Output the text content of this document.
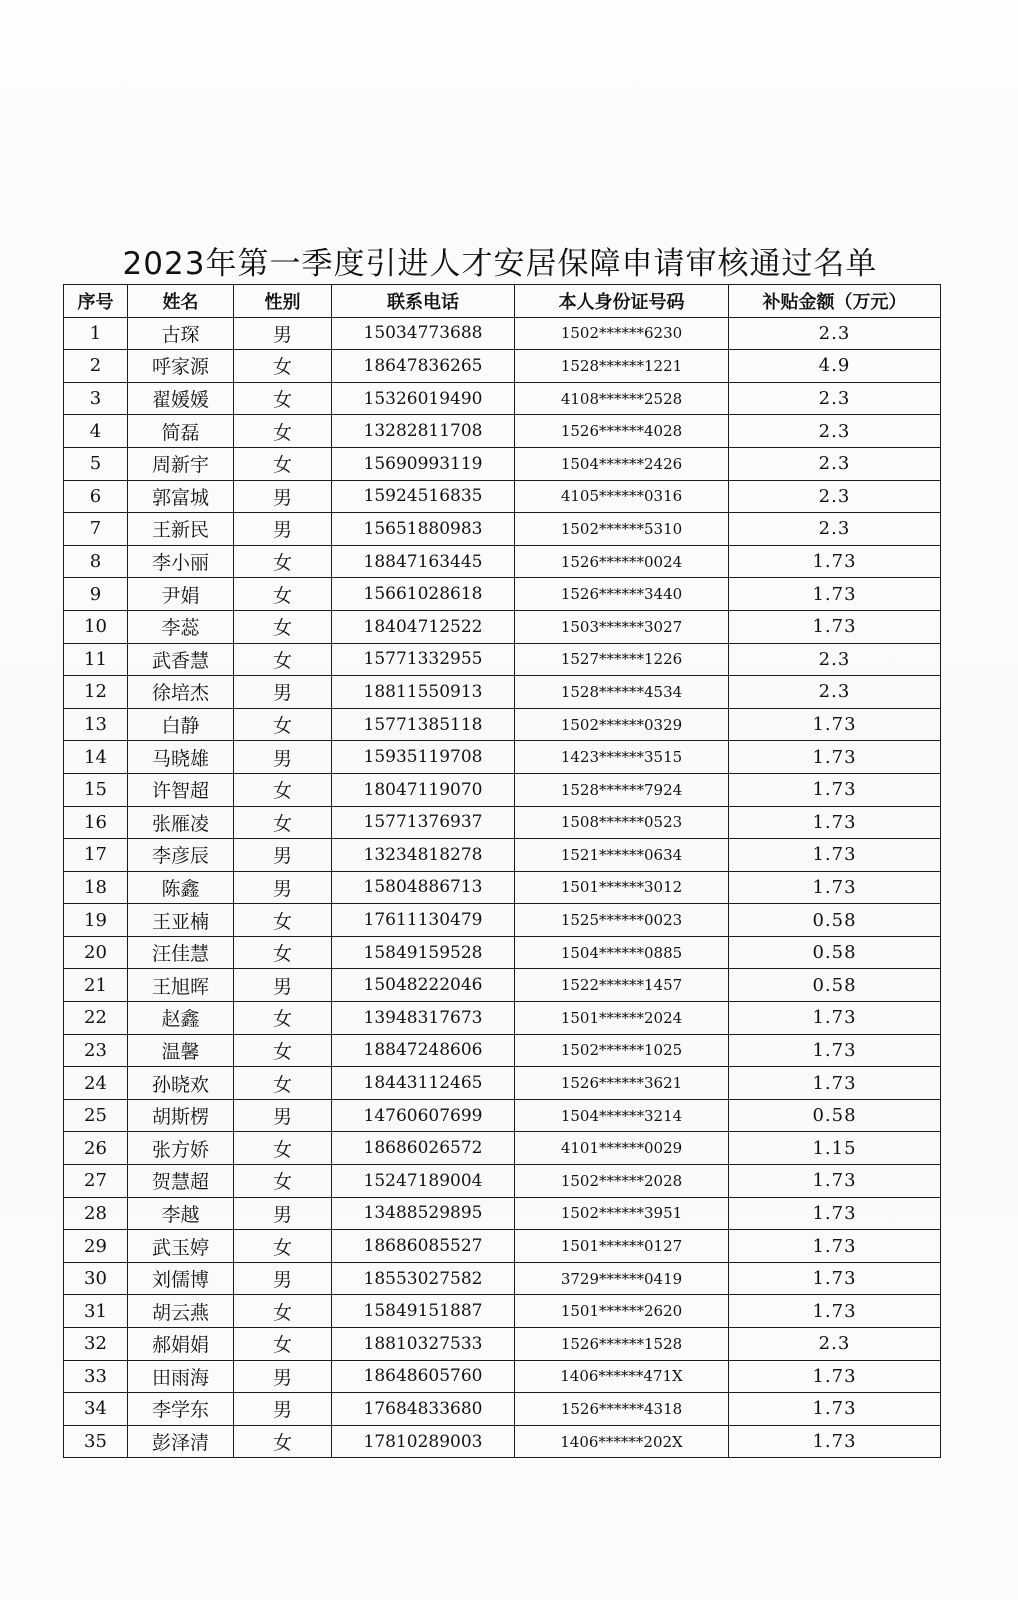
2023年第一季度引进人才安居保障申请审核通过名单
序号	姓名	性别	联系电话	本人身份证号码	补贴金额（万元）
1	古琛	男	15034773688	1502******6230	2.3
2	呼家源	女	18647836265	1528******1221	4.9
3	翟媛媛	女	15326019490	4108******2528	2.3
4	简磊	女	13282811708	1526******4028	2.3
5	周新宇	女	15690993119	1504******2426	2.3
6	郭富城	男	15924516835	4105******0316	2.3
7	王新民	男	15651880983	1502******5310	2.3
8	李小丽	女	18847163445	1526******0024	1.73
9	尹娟	女	15661028618	1526******3440	1.73
10	李蕊	女	18404712522	1503******3027	1.73
11	武香慧	女	15771332955	1527******1226	2.3
12	徐培杰	男	18811550913	1528******4534	2.3
13	白静	女	15771385118	1502******0329	1.73
14	马晓雄	男	15935119708	1423******3515	1.73
15	许智超	女	18047119070	1528******7924	1.73
16	张雁凌	女	15771376937	1508******0523	1.73
17	李彦辰	男	13234818278	1521******0634	1.73
18	陈鑫	男	15804886713	1501******3012	1.73
19	王亚楠	女	17611130479	1525******0023	0.58
20	汪佳慧	女	15849159528	1504******0885	0.58
21	王旭晖	男	15048222046	1522******1457	0.58
22	赵鑫	女	13948317673	1501******2024	1.73
23	温馨	女	18847248606	1502******1025	1.73
24	孙晓欢	女	18443112465	1526******3621	1.73
25	胡斯楞	男	14760607699	1504******3214	0.58
26	张方娇	女	18686026572	4101******0029	1.15
27	贺慧超	女	15247189004	1502******2028	1.73
28	李越	男	13488529895	1502******3951	1.73
29	武玉婷	女	18686085527	1501******0127	1.73
30	刘儒博	男	18553027582	3729******0419	1.73
31	胡云燕	女	15849151887	1501******2620	1.73
32	郝娟娟	女	18810327533	1526******1528	2.3
33	田雨海	男	18648605760	1406******471X	1.73
34	李学东	男	17684833680	1526******4318	1.73
35	彭泽清	女	17810289003	1406******202X	1.73
